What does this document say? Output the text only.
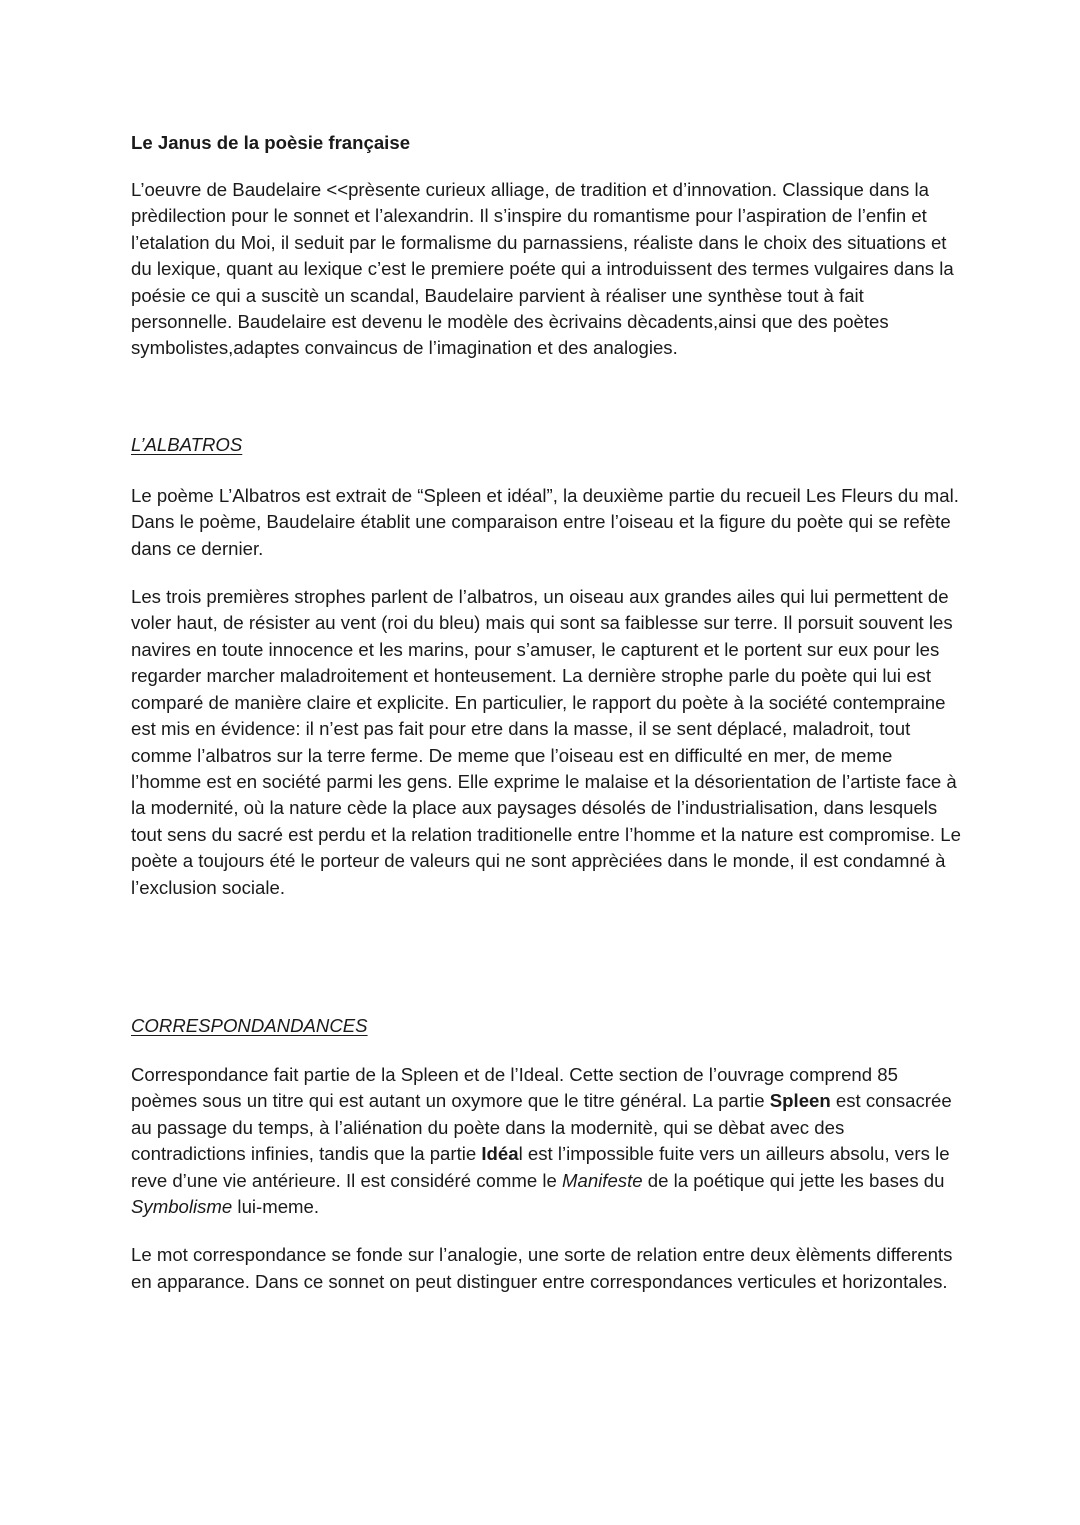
Le Janus de la poèsie française

L’oeuvre de Baudelaire <<prèsente curieux alliage, de tradition et d’innovation. Classique dans la prèdilection pour le sonnet et l’alexandrin. Il s’inspire du romantisme pour l’aspiration de l’enfin et l’etalation du Moi, il seduit par le formalisme du parnassiens, réaliste dans le choix des situations et du lexique, quant au lexique c’est le premiere poéte qui a introduissent des termes vulgaires dans la poésie ce qui a suscitè un scandal, Baudelaire parvient à réaliser une synthèse tout à fait personnelle. Baudelaire est devenu le modèle des ècrivains dècadents,ainsi que des poètes symbolistes,adaptes convaincus de l’imagination et des analogies.

L’ALBATROS

Le poème L’Albatros est extrait de “Spleen et idéal”, la deuxième partie du recueil Les Fleurs du mal. Dans le poème, Baudelaire établit une comparaison entre l’oiseau et la figure du poète qui se refète dans ce dernier.

Les trois premières strophes parlent de l’albatros, un oiseau aux grandes ailes qui lui permettent de voler haut, de résister au vent (roi du bleu) mais qui sont sa faiblesse sur terre. Il porsuit souvent les navires en toute innocence et les marins, pour s’amuser, le capturent et le portent sur eux pour les regarder marcher maladroitement et honteusement. La dernière strophe parle du poète qui lui est comparé de manière claire et explicite. En particulier, le rapport du poète à la société contempraine est mis en évidence: il n’est pas fait pour etre dans la masse, il se sent déplacé, maladroit, tout comme l’albatros sur la terre ferme. De meme que l’oiseau est en difficulté en mer, de meme l’homme est en société parmi les gens. Elle exprime le malaise et la désorientation de l’artiste face à la modernité, où la nature cède la place aux paysages désolés de l’industrialisation, dans lesquels tout sens du sacré est perdu et la relation traditionelle entre l’homme et la nature est compromise. Le poète a toujours été le porteur de valeurs qui ne sont apprèciées dans le monde, il est condamné à l’exclusion sociale.

CORRESPONDANDANCES

Correspondance fait partie de la Spleen et de l’Ideal. Cette section de l’ouvrage comprend 85 poèmes sous un titre qui est autant un oxymore que le titre général. La partie Spleen est consacrée au passage du temps, à l’aliénation du poète dans la modernitè, qui se dèbat avec des contradictions infinies, tandis que la partie Idéal est l’impossible fuite vers un ailleurs absolu, vers le reve d’une vie antérieure. Il est considéré comme le Manifeste de la poétique qui jette les bases du Symbolisme lui-meme.

Le mot correspondance se fonde sur l’analogie, une sorte de relation entre deux èlèments differents en apparance. Dans ce sonnet on peut distinguer entre correspondances verticules et horizontales.
